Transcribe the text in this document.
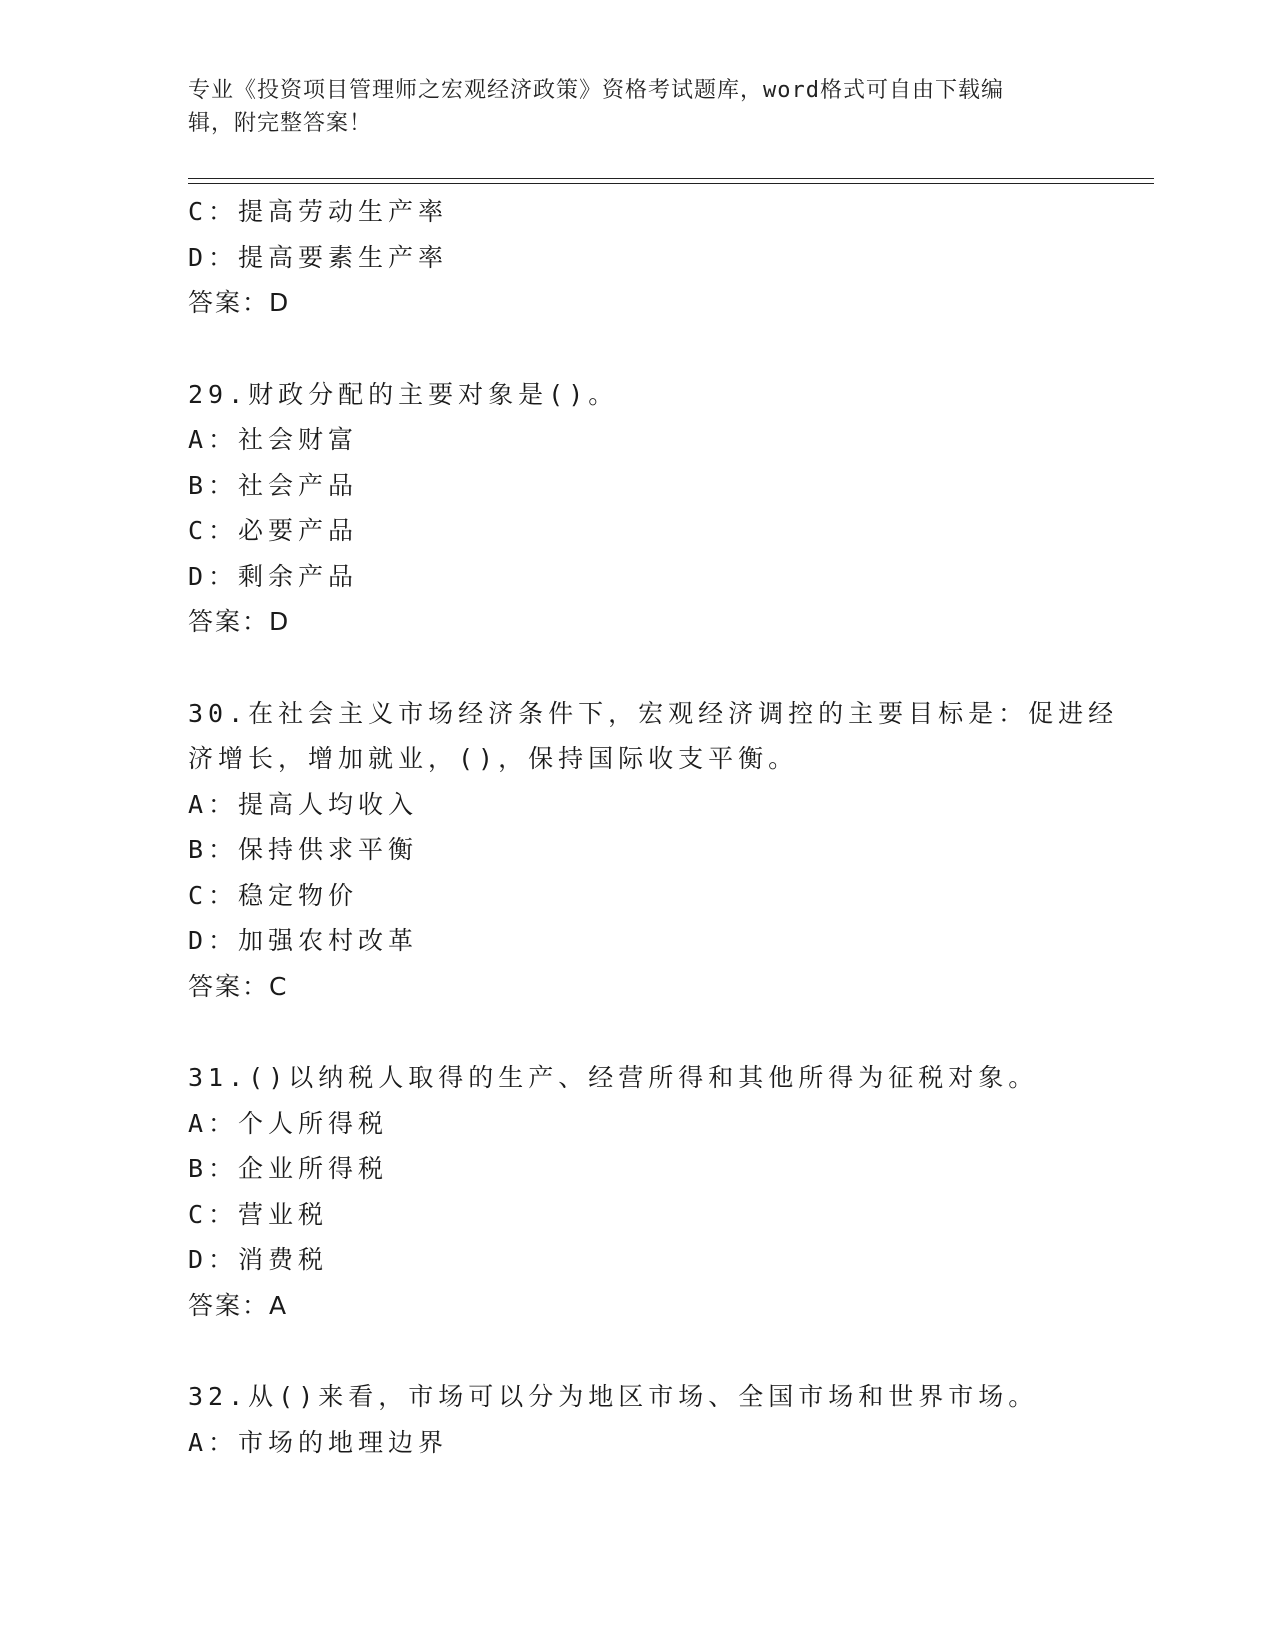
专业《投资项目管理师之宏观经济政策》资格考试题库，word格式可自由下载编
辑，附完整答案！
C：提高劳动生产率
D：提高要素生产率
答案：D
29.财政分配的主要对象是()。
A：社会财富
B：社会产品
C：必要产品
D：剩余产品
答案：D
30.在社会主义市场经济条件下，宏观经济调控的主要目标是：促进经
济增长，增加就业，()，保持国际收支平衡。
A：提高人均收入
B：保持供求平衡
C：稳定物价
D：加强农村改革
答案：C
31.()以纳税人取得的生产、经营所得和其他所得为征税对象。
A：个人所得税
B：企业所得税
C：营业税
D：消费税
答案：A
32.从()来看，市场可以分为地区市场、全国市场和世界市场。
A：市场的地理边界
